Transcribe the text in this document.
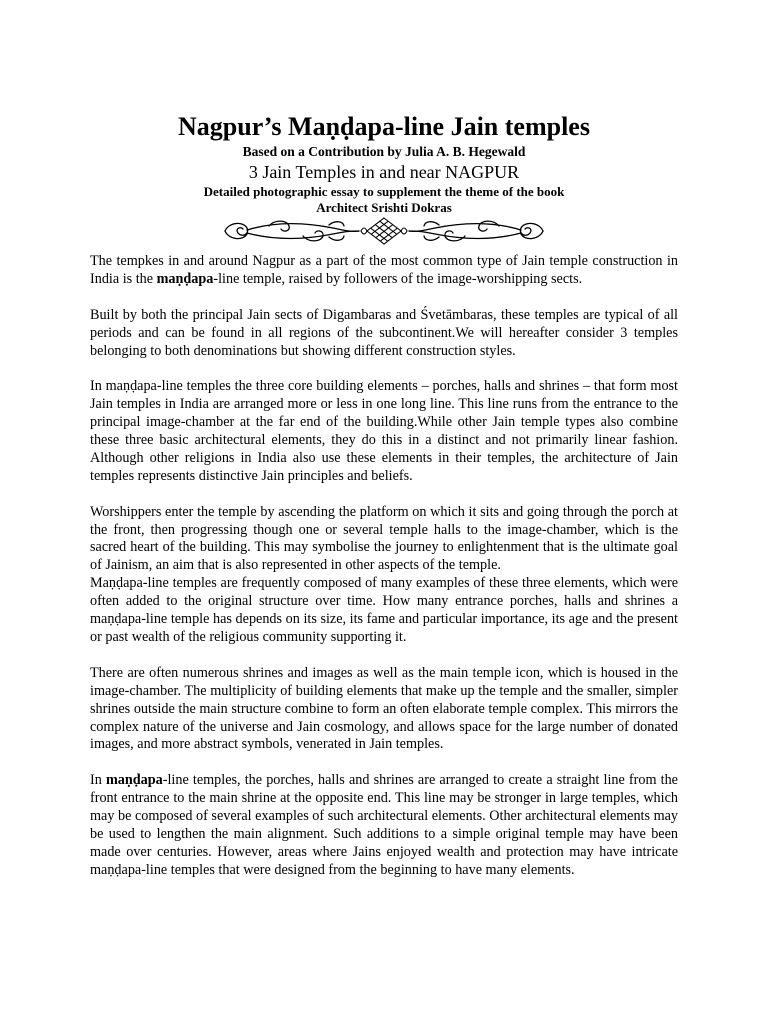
Nagpur’s Maṇḍapa-line Jain temples
Based on a Contribution by Julia A. B. Hegewald
3 Jain Temples in and near NAGPUR
Detailed photographic essay to supplement the theme of the book
Architect Srishti Dokras

The tempkes in and around Nagpur as a part of the most common type of Jain temple construction in India is the maṇḍapa-line temple, raised by followers of the image-worshipping sects.

Built by both the principal Jain sects of Digambaras and Śvetāmbaras, these temples are typical of all periods and can be found in all regions of the subcontinent.We will hereafter consider 3 temples belonging to both denominations but showing different construction styles.

In maṇḍapa-line temples the three core building elements – porches, halls and shrines – that form most Jain temples in India are arranged more or less in one long line. This line runs from the entrance to the principal image-chamber at the far end of the building.While other Jain temple types also combine these three basic architectural elements, they do this in a distinct and not primarily linear fashion. Although other religions in India also use these elements in their temples, the architecture of Jain temples represents distinctive Jain principles and beliefs.

Worshippers enter the temple by ascending the platform on which it sits and going through the porch at the front, then progressing though one or several temple halls to the image-chamber, which is the sacred heart of the building. This may symbolise the journey to enlightenment that is the ultimate goal of Jainism, an aim that is also represented in other aspects of the temple.

Maṇḍapa-line temples are frequently composed of many examples of these three elements, which were often added to the original structure over time. How many entrance porches, halls and shrines a maṇḍapa-line temple has depends on its size, its fame and particular importance, its age and the present or past wealth of the religious community supporting it.

There are often numerous shrines and images as well as the main temple icon, which is housed in the image-chamber. The multiplicity of building elements that make up the temple and the smaller, simpler shrines outside the main structure combine to form an often elaborate temple complex. This mirrors the complex nature of the universe and Jain cosmology, and allows space for the large number of donated images, and more abstract symbols, venerated in Jain temples.

In maṇḍapa-line temples, the porches, halls and shrines are arranged to create a straight line from the front entrance to the main shrine at the opposite end. This line may be stronger in large temples, which may be composed of several examples of such architectural elements. Other architectural elements may be used to lengthen the main alignment. Such additions to a simple original temple may have been made over centuries. However, areas where Jains enjoyed wealth and protection may have intricate maṇḍapa-line temples that were designed from the beginning to have many elements.
